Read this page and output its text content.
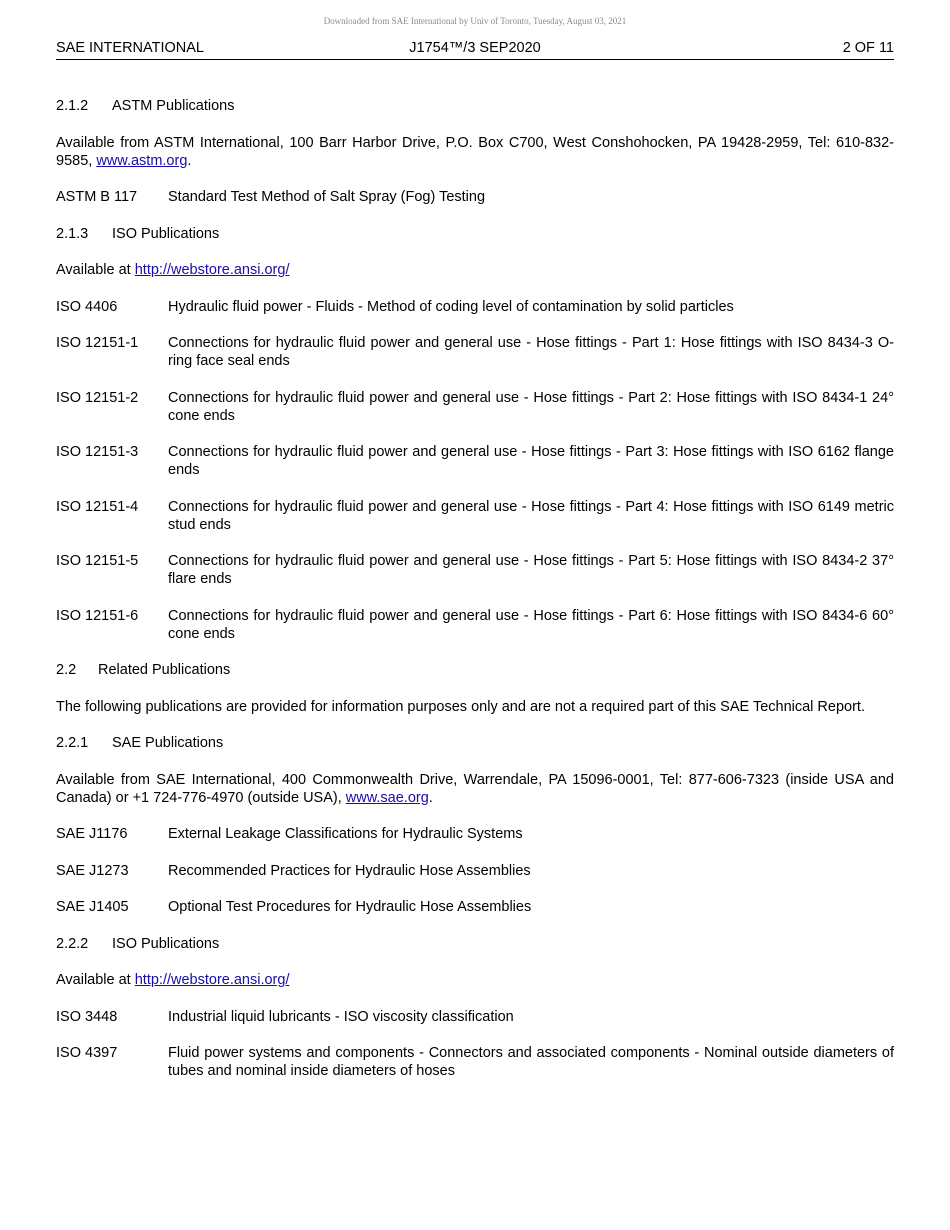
Downloaded from SAE International by Univ of Toronto, Tuesday, August 03, 2021
SAE INTERNATIONAL	J1754™/3 SEP2020	2 OF 11
2.1.2 ASTM Publications
Available from ASTM International, 100 Barr Harbor Drive, P.O. Box C700, West Conshohocken, PA 19428-2959, Tel: 610-832-9585, www.astm.org.
ASTM B 117	Standard Test Method of Salt Spray (Fog) Testing
2.1.3 ISO Publications
Available at http://webstore.ansi.org/
ISO 4406	Hydraulic fluid power - Fluids - Method of coding level of contamination by solid particles
ISO 12151-1	Connections for hydraulic fluid power and general use - Hose fittings - Part 1: Hose fittings with ISO 8434-3 O-ring face seal ends
ISO 12151-2	Connections for hydraulic fluid power and general use - Hose fittings - Part 2: Hose fittings with ISO 8434-1 24° cone ends
ISO 12151-3	Connections for hydraulic fluid power and general use - Hose fittings - Part 3: Hose fittings with ISO 6162 flange ends
ISO 12151-4	Connections for hydraulic fluid power and general use - Hose fittings - Part 4: Hose fittings with ISO 6149 metric stud ends
ISO 12151-5	Connections for hydraulic fluid power and general use - Hose fittings - Part 5: Hose fittings with ISO 8434-2 37° flare ends
ISO 12151-6	Connections for hydraulic fluid power and general use - Hose fittings - Part 6: Hose fittings with ISO 8434-6 60° cone ends
2.2 Related Publications
The following publications are provided for information purposes only and are not a required part of this SAE Technical Report.
2.2.1 SAE Publications
Available from SAE International, 400 Commonwealth Drive, Warrendale, PA 15096-0001, Tel: 877-606-7323 (inside USA and Canada) or +1 724-776-4970 (outside USA), www.sae.org.
SAE J1176	External Leakage Classifications for Hydraulic Systems
SAE J1273	Recommended Practices for Hydraulic Hose Assemblies
SAE J1405	Optional Test Procedures for Hydraulic Hose Assemblies
2.2.2 ISO Publications
Available at http://webstore.ansi.org/
ISO 3448	Industrial liquid lubricants - ISO viscosity classification
ISO 4397	Fluid power systems and components - Connectors and associated components - Nominal outside diameters of tubes and nominal inside diameters of hoses
